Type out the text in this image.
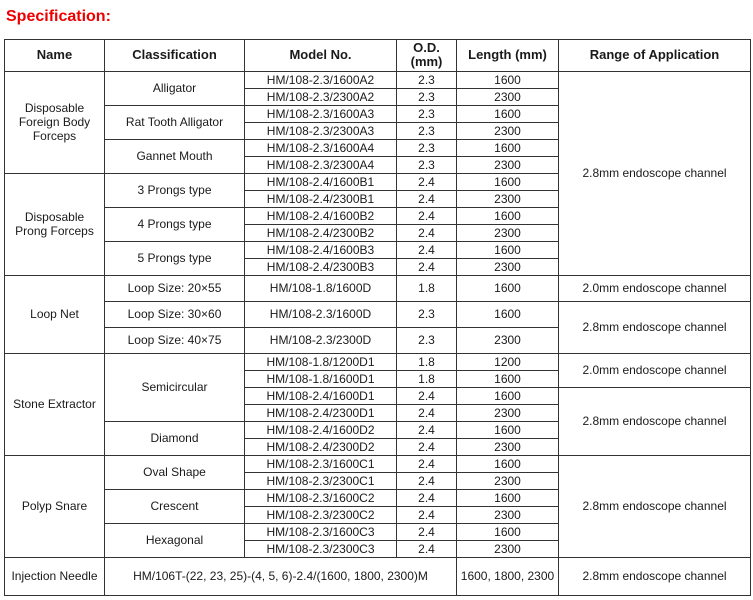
Specification:
Name	Classification	Model No.	O.D. (mm)	Length (mm)	Range of Application
Disposable Foreign Body Forceps	Alligator	HM/108-2.3/1600A2	2.3	1600	2.8mm endoscope channel
		HM/108-2.3/2300A2	2.3	2300	
	Rat Tooth Alligator	HM/108-2.3/1600A3	2.3	1600	
		HM/108-2.3/2300A3	2.3	2300	
	Gannet Mouth	HM/108-2.3/1600A4	2.3	1600	
		HM/108-2.3/2300A4	2.3	2300	
Disposable Prong Forceps	3 Prongs type	HM/108-2.4/1600B1	2.4	1600	
		HM/108-2.4/2300B1	2.4	2300	
	4 Prongs type	HM/108-2.4/1600B2	2.4	1600	
		HM/108-2.4/2300B2	2.4	2300	
	5 Prongs type	HM/108-2.4/1600B3	2.4	1600	
		HM/108-2.4/2300B3	2.4	2300	
Loop Net	Loop Size: 20×55	HM/108-1.8/1600D	1.8	1600	2.0mm endoscope channel
	Loop Size: 30×60	HM/108-2.3/1600D	2.3	1600	2.8mm endoscope channel
	Loop Size: 40×75	HM/108-2.3/2300D	2.3	2300	
Stone Extractor	Semicircular	HM/108-1.8/1200D1	1.8	1200	2.0mm endoscope channel
		HM/108-1.8/1600D1	1.8	1600	
		HM/108-2.4/1600D1	2.4	1600	2.8mm endoscope channel
		HM/108-2.4/2300D1	2.4	2300	
	Diamond	HM/108-2.4/1600D2	2.4	1600	
		HM/108-2.4/2300D2	2.4	2300	
Polyp Snare	Oval Shape	HM/108-2.3/1600C1	2.4	1600	2.8mm endoscope channel
		HM/108-2.3/2300C1	2.4	2300	
	Crescent	HM/108-2.3/1600C2	2.4	1600	
		HM/108-2.3/2300C2	2.4	2300	
	Hexagonal	HM/108-2.3/1600C3	2.4	1600	
		HM/108-2.3/2300C3	2.4	2300	
Injection Needle	HM/106T-(22, 23, 25)-(4, 5, 6)-2.4/(1600, 1800, 2300)M			1600, 1800, 2300	2.8mm endoscope channel
